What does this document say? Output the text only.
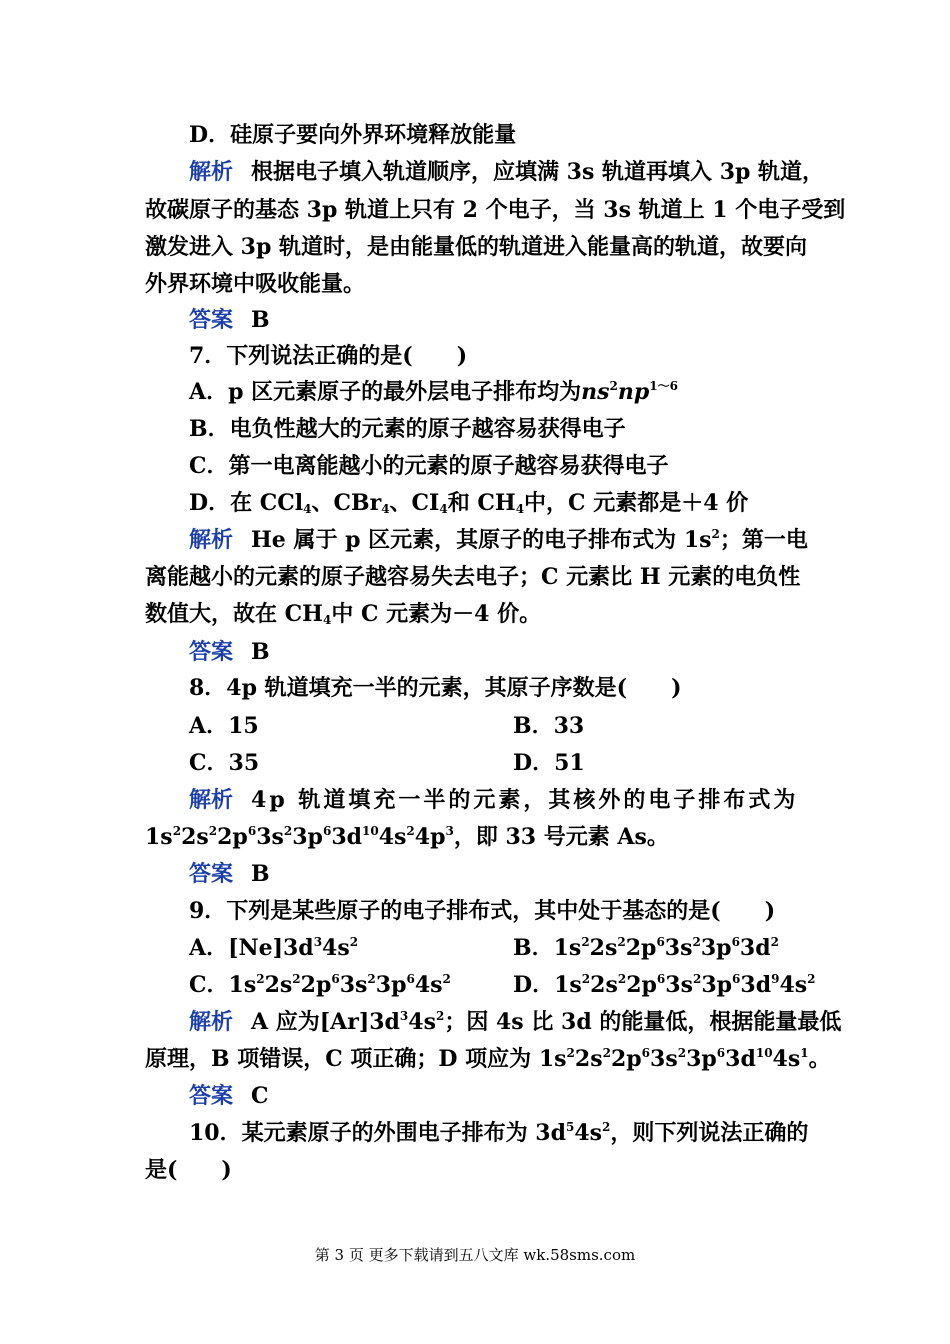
D．硅原子要向外界环境释放能量
解析 根据电子填入轨道顺序，应填满 3s 轨道再填入 3p 轨道，
故碳原子的基态 3p 轨道上只有 2 个电子，当 3s 轨道上 1 个电子受到
激发进入 3p 轨道时，是由能量低的轨道进入能量高的轨道，故要向
外界环境中吸收能量。
答案 B
7．下列说法正确的是( )
A．p 区元素原子的最外层电子排布均为$ns^2np^{1\sim 6}$
B．电负性越大的元素的原子越容易获得电子
C．第一电离能越小的元素的原子越容易获得电子
D．在 CCl$_4$、CBr$_4$、$CI_4$和 $CH_4$中，C 元素都是＋4 价
解析 He 属于 p 区元素，其原子的电子排布式为 $1s^2$；第一电
离能越小的元素的原子越容易失去电子；C 元素比 H 元素的电负性
数值大，故在 $CH_4$中 C 元素为－4 价。
答案 B
8．4p 轨道填充一半的元素，其原子序数是( )
A．15	B．33
C．35	D．51
解析 4p 轨道填充一半的元素，其核外的电子排布式为
$1s^22s^22p^63s^23p^63d^{10}4s^24p^3$，即 33 号元素 As。
答案 B
9．下列是某些原子的电子排布式，其中处于基态的是( )
A．$[Ne]3d^34s^2$	B．$1s^22s^22p^63s^23p^63d^2$
C．$1s^22s^22p^63s^23p^64s^2$	D．$1s^22s^22p^63s^23p^63d^94s^2$
解析 A 应为$[Ar]3d^34s^2$；因 4s 比 3d 的能量低，根据能量最低
原理，B 项错误，C 项正确；D 项应为 $1s^22s^22p^63s^23p^63d^{10}4s^1$。
答案 C
10．某元素原子的外围电子排布为 $3d^54s^2$，则下列说法正确的
是( )
第 3 页 更多下载请到五八文库 wk.58sms.com
